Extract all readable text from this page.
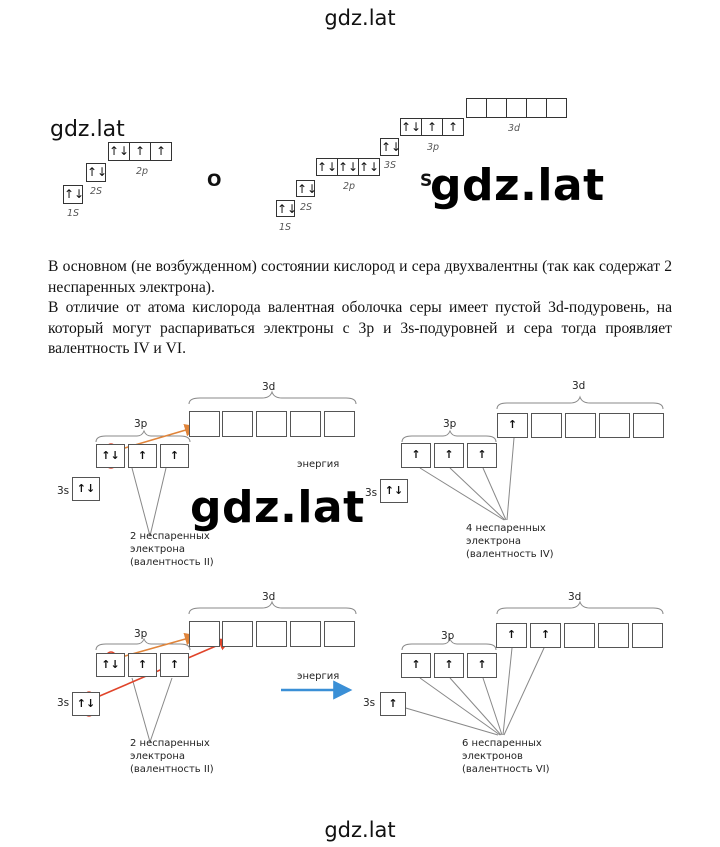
gdz.lat
gdz.lat
gdz.lat
gdz.lat
gdz.lat
↑↓
1S
↑↓
2S
↑↓ ↑ ↑
2p	O
↑↓
1S
↑↓
2S
↑↓ ↑↓ ↑↓
2p
↑↓
3S
↑↓ ↑ ↑
3p
3d
S

В основном (не возбужденном) состоянии кислород и сера двухвалентны (так как содержат 2 неспаренных электрона).

В отличие от атома кислорода валентная оболочка серы имеет пустой 3d-подуровень, на который могут распариваться электроны с 3р и 3s-подуровней и сера тогда проявляет валентность IV и VI.

3d
3p
3s
↑↓	↑	↑
↑↓
2 неспаренных
электрона
(валентность II)
энергия
3d
3p
3s
↑
↑	↑	↑
↑↓
4 неспаренных
электрона
(валентность IV)
3d
3p
3s
↑↓	↑	↑
↑↓
2 неспаренных
электрона
(валентность II)
энергия
3d
3p
3s
↑	↑
↑	↑	↑
↑
6 неспаренных
электронов
(валентность VI)
